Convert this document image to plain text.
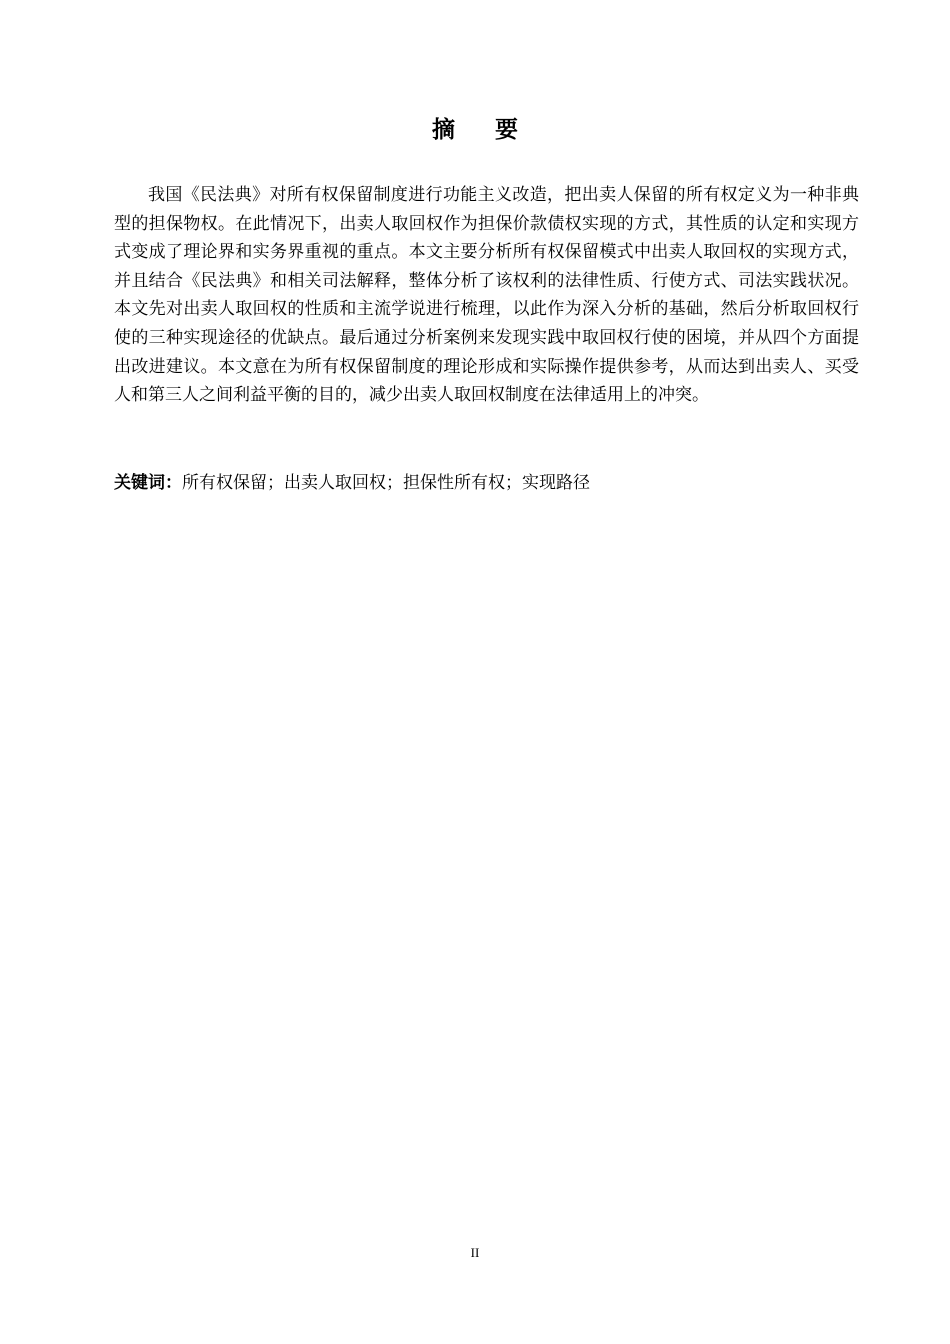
摘要

我国《民法典》对所有权保留制度进行功能主义改造，把出卖人保留的所有权定义为一种非典型的担保物权。在此情况下，出卖人取回权作为担保价款债权实现的方式，其性质的认定和实现方式变成了理论界和实务界重视的重点。本文主要分析所有权保留模式中出卖人取回权的实现方式，并且结合《民法典》和相关司法解释，整体分析了该权利的法律性质、行使方式、司法实践状况。本文先对出卖人取回权的性质和主流学说进行梳理，以此作为深入分析的基础，然后分析取回权行使的三种实现途径的优缺点。最后通过分析案例来发现实践中取回权行使的困境，并从四个方面提出改进建议。本文意在为所有权保留制度的理论形成和实际操作提供参考，从而达到出卖人、买受人和第三人之间利益平衡的目的，减少出卖人取回权制度在法律适用上的冲突。

关键词：所有权保留；出卖人取回权；担保性所有权；实现路径

II
